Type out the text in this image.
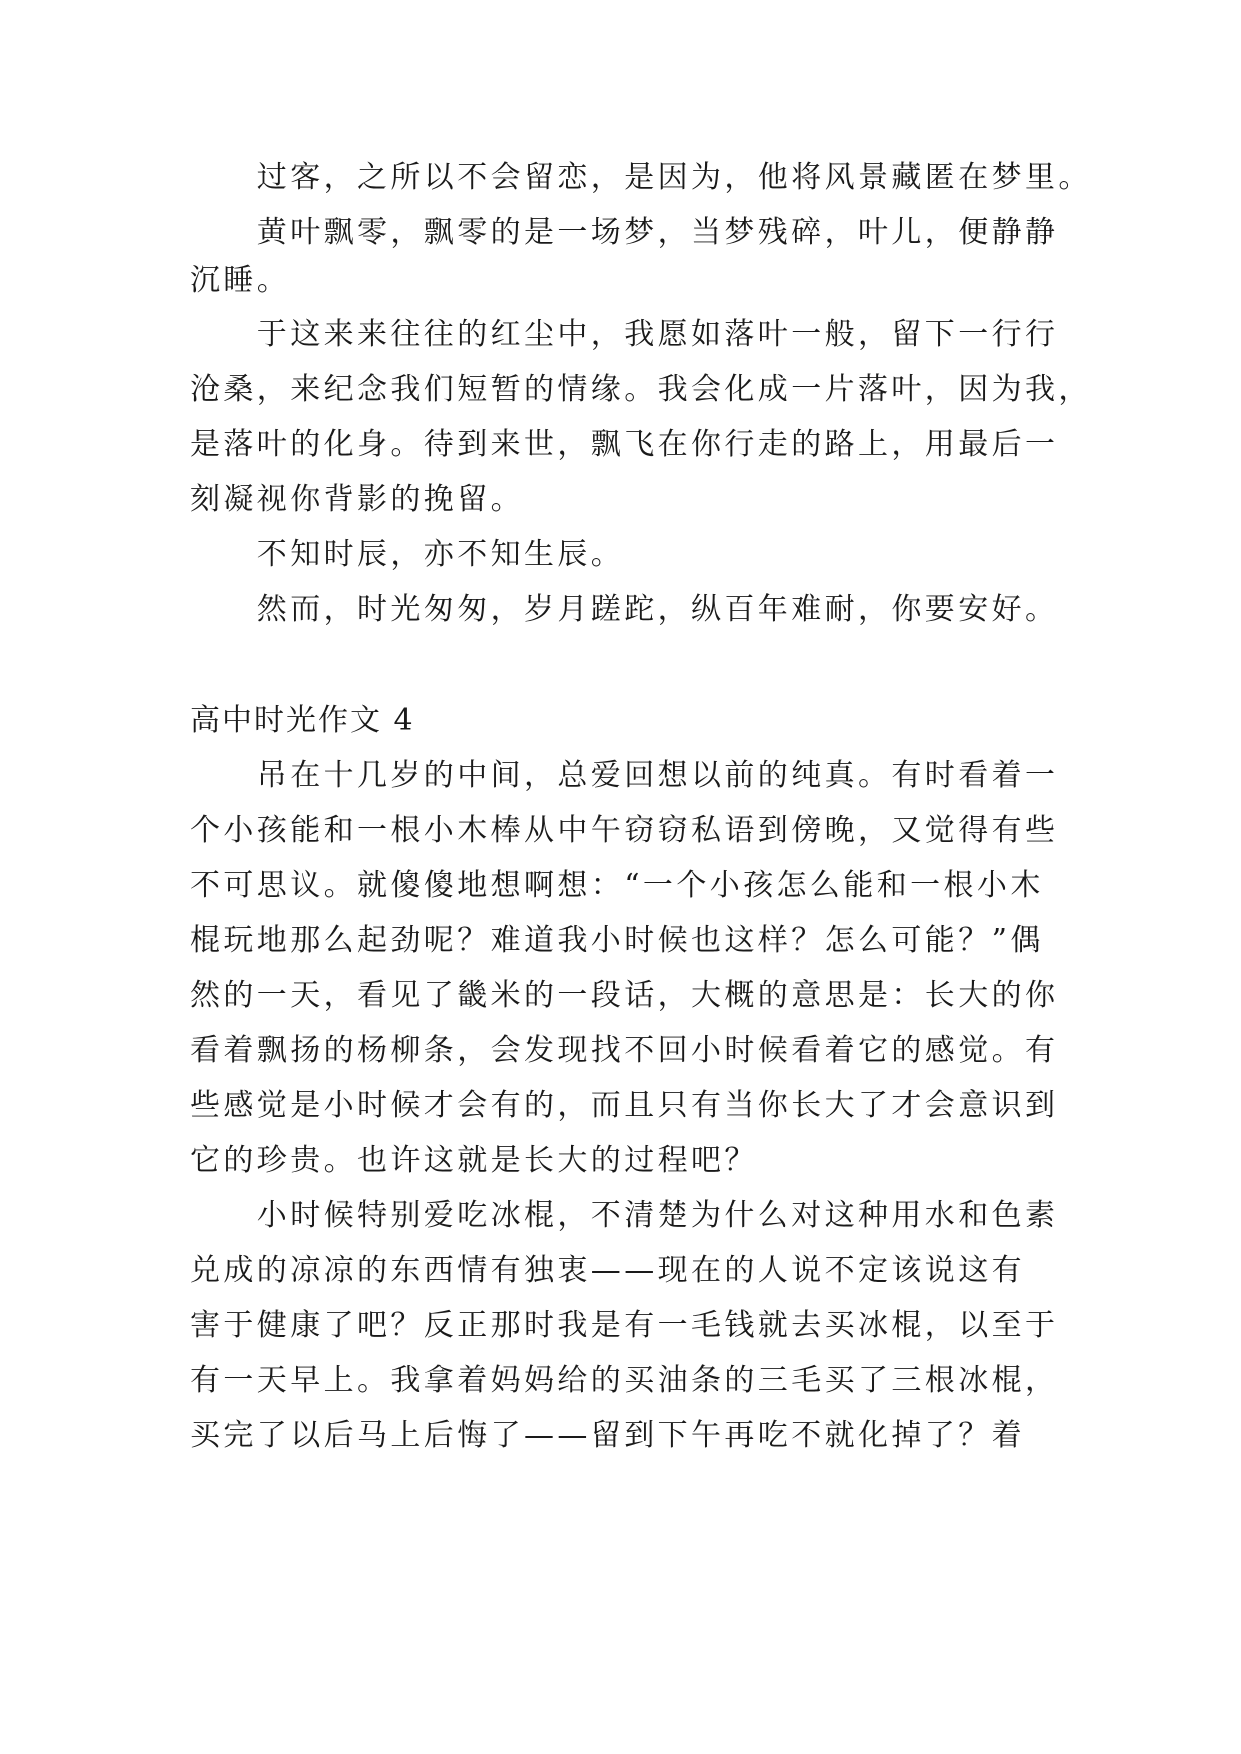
　　过客，之所以不会留恋，是因为，他将风景藏匿在梦里。
　　黄叶飘零，飘零的是一场梦，当梦残碎，叶儿，便静静
沉睡。
　　于这来来往往的红尘中，我愿如落叶一般，留下一行行
沧桑，来纪念我们短暂的情缘。我会化成一片落叶，因为我，
是落叶的化身。待到来世，飘飞在你行走的路上，用最后一
刻凝视你背影的挽留。
　　不知时辰，亦不知生辰。
　　然而，时光匆匆，岁月蹉跎，纵百年难耐，你要安好。
高中时光作文 4
　　吊在十几岁的中间，总爱回想以前的纯真。有时看着一
个小孩能和一根小木棒从中午窃窃私语到傍晚，又觉得有些
不可思议。就傻傻地想啊想：“一个小孩怎么能和一根小木
棍玩地那么起劲呢？难道我小时候也这样？怎么可能？”偶
然的一天，看见了畿米的一段话，大概的意思是：长大的你
看着飘扬的杨柳条，会发现找不回小时候看着它的感觉。有
些感觉是小时候才会有的，而且只有当你长大了才会意识到
它的珍贵。也许这就是长大的过程吧？
　　小时候特别爱吃冰棍，不清楚为什么对这种用水和色素
兑成的凉凉的东西情有独衷——现在的人说不定该说这有
害于健康了吧？反正那时我是有一毛钱就去买冰棍，以至于
有一天早上。我拿着妈妈给的买油条的三毛买了三根冰棍，
买完了以后马上后悔了——留到下午再吃不就化掉了？着
